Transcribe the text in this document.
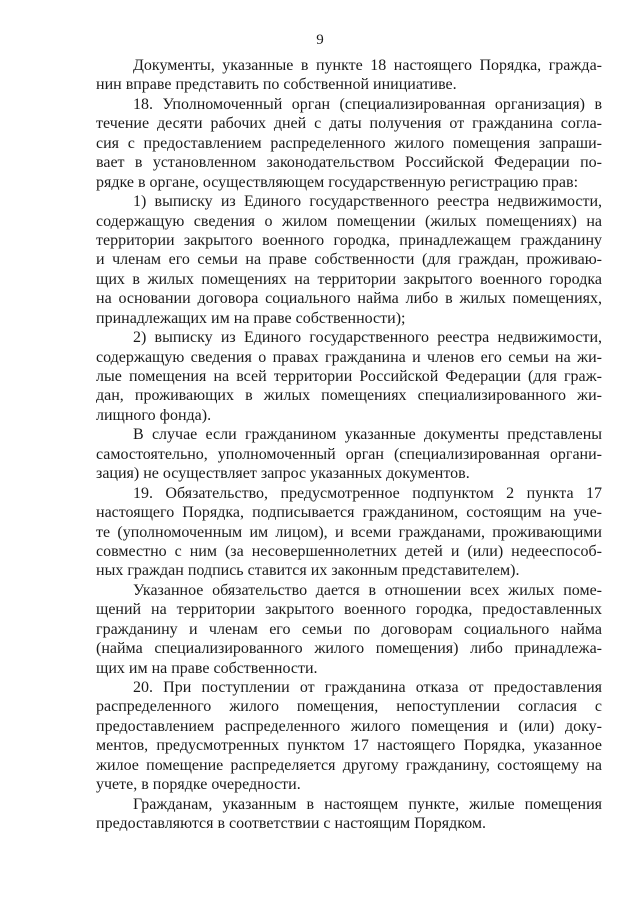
9

Документы, указанные в пункте 18 настоящего Порядка, гражда-
нин вправе представить по собственной инициативе.

18. Уполномоченный орган (специализированная организация) в
течение десяти рабочих дней с даты получения от гражданина согла-
сия с предоставлением распределенного жилого помещения запраши-
вает в установленном законодательством Российской Федерации по-
рядке в органе, осуществляющем государственную регистрацию прав:

1) выписку из Единого государственного реестра недвижимости,
содержащую сведения о жилом помещении (жилых помещениях) на
территории закрытого военного городка, принадлежащем гражданину
и членам его семьи на праве собственности (для граждан, проживаю-
щих в жилых помещениях на территории закрытого военного городка
на основании договора социального найма либо в жилых помещениях,
принадлежащих им на праве собственности);

2) выписку из Единого государственного реестра недвижимости,
содержащую сведения о правах гражданина и членов его семьи на жи-
лые помещения на всей территории Российской Федерации (для граж-
дан, проживающих в жилых помещениях специализированного жи-
лищного фонда).

В случае если гражданином указанные документы представлены
самостоятельно, уполномоченный орган (специализированная органи-
зация) не осуществляет запрос указанных документов.

19. Обязательство, предусмотренное подпунктом 2 пункта 17
настоящего Порядка, подписывается гражданином, состоящим на уче-
те (уполномоченным им лицом), и всеми гражданами, проживающими
совместно с ним (за несовершеннолетних детей и (или) недееспособ-
ных граждан подпись ставится их законным представителем).

Указанное обязательство дается в отношении всех жилых поме-
щений на территории закрытого военного городка, предоставленных
гражданину и членам его семьи по договорам социального найма
(найма специализированного жилого помещения) либо принадлежа-
щих им на праве собственности.

20. При поступлении от гражданина отказа от предоставления
распределенного жилого помещения, непоступлении согласия с
предоставлением распределенного жилого помещения и (или) доку-
ментов, предусмотренных пунктом 17 настоящего Порядка, указанное
жилое помещение распределяется другому гражданину, состоящему на
учете, в порядке очередности.

Гражданам, указанным в настоящем пункте, жилые помещения
предоставляются в соответствии с настоящим Порядком.
